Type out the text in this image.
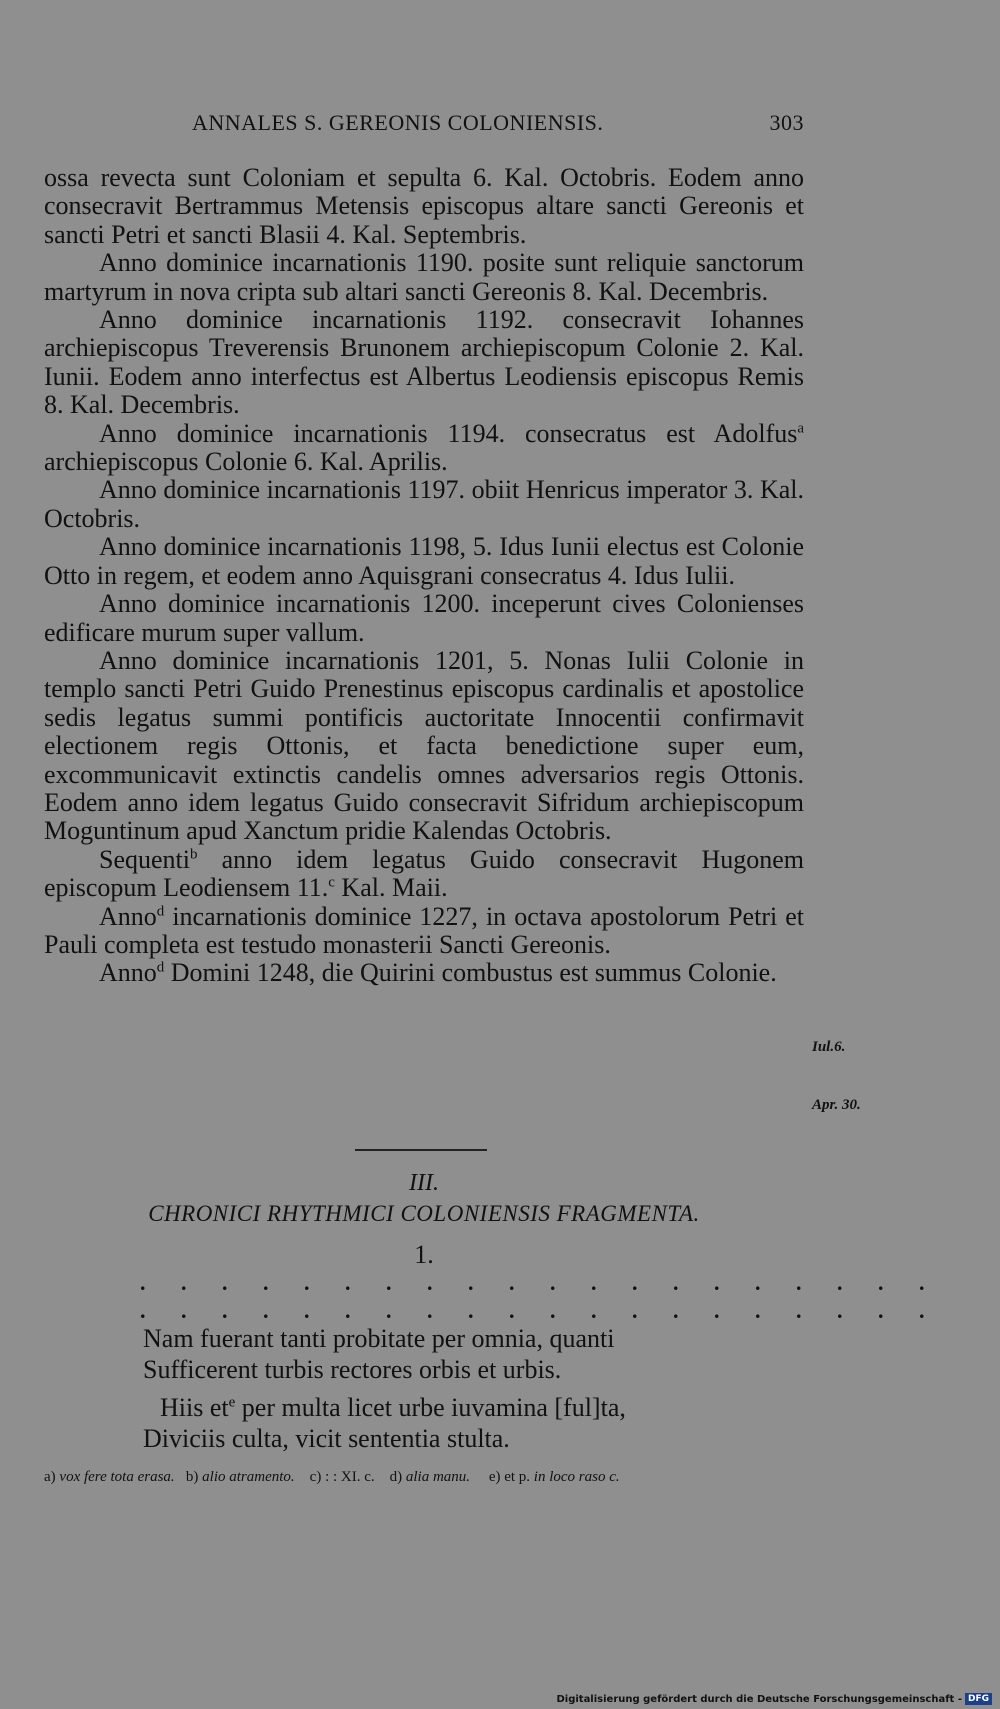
ANNALES S. GEREONIS COLONIENSIS.	303

ossa revecta sunt Coloniam et sepulta 6. Kal. Octobris. Eodem anno consecravit Bertrammus Metensis episcopus altare sancti Gereonis et sancti Petri et sancti Blasii 4. Kal. Septembris.

Anno dominice incarnationis 1190. posite sunt reliquie sanctorum martyrum in nova cripta sub altari sancti Gereonis 8. Kal. Decembris.

Anno dominice incarnationis 1192. consecravit Iohannes archiepiscopus Treverensis Brunonem archiepiscopum Colonie 2. Kal. Iunii. Eodem anno interfectus est Albertus Leodiensis episcopus Remis 8. Kal. Decembris.

Anno dominice incarnationis 1194. consecratus est Adolfus$^a$ archiepiscopus Colonie 6. Kal. Aprilis.

Anno dominice incarnationis 1197. obiit Henricus imperator 3. Kal. Octobris.

Anno dominice incarnationis 1198, 5. Idus Iunii electus est Colonie Otto in regem, et eodem anno Aquisgrani consecratus 4. Idus Iulii.

Anno dominice incarnationis 1200. inceperunt cives Colonienses edificare murum super vallum.

Anno dominice incarnationis 1201, 5. Nonas Iulii Colonie in templo sancti Petri Guido Prenestinus episcopus cardinalis et apostolice sedis legatus summi pontificis auctoritate Innocentii confirmavit electionem regis Ottonis, et facta benedictione super eum, excommunicavit extinctis candelis omnes adversarios regis Ottonis. Eodem anno idem legatus Guido consecravit Sifridum archiepiscopum Moguntinum apud Xanctum pridie Kalendas Octobris.

Sequenti$^b$ anno idem legatus Guido consecravit Hugonem episcopum Leodiensem 11.$^c$ Kal. Maii.

Anno$^d$ incarnationis dominice 1227, in octava apostolorum Petri et Pauli completa est testudo monasterii Sancti Gereonis.

Anno$^d$ Domini 1248, die Quirini combustus est summus Colonie.

Iul.6.
Apr. 30.
III.
CHRONICI RHYTHMICI COLONIENSIS FRAGMENTA.
1.
. . . . . . . . . . . . . . . . . . . .
. . . . . . . . . . . . . . . . . . . .
Nam fuerant tanti probitate per omnia, quanti
Sufficerent turbis rectores orbis et urbis.
Hiis $et^e$ per multa licet urbe iuvamina [ful]ta,
Diviciis culta, vicit sententia stulta.
a) vox fere tota erasa. b) alio atramento. c) : : XI. c. d) alia manu. e) et p. in loco raso c.
Digitalisierung gefördert durch die Deutsche Forschungsgemeinschaft - DFG
